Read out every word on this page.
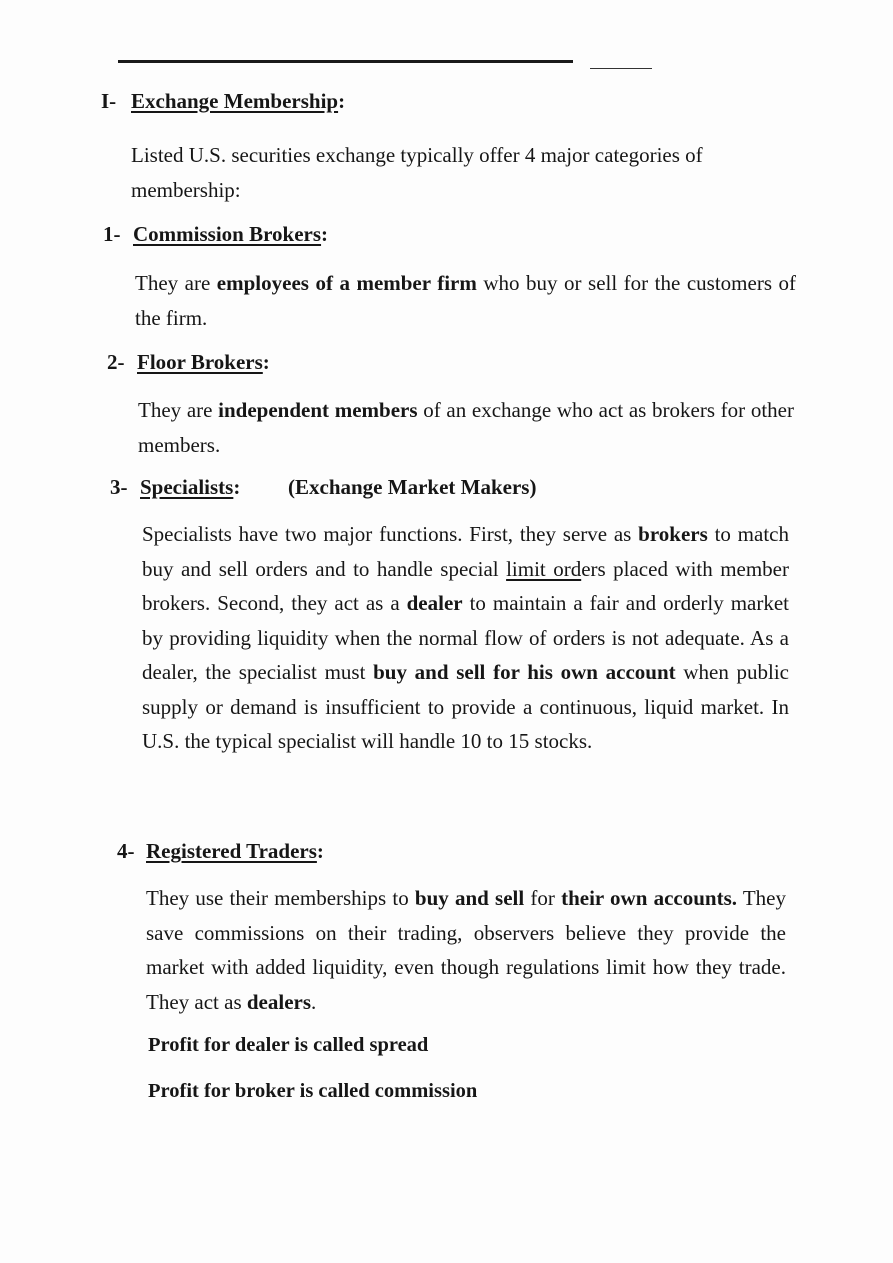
I- Exchange Membership:
Listed U.S. securities exchange typically offer 4 major categories of membership:
1- Commission Brokers:
They are employees of a member firm who buy or sell for the customers of the firm.
2- Floor Brokers:
They are independent members of an exchange who act as brokers for other members.
3- Specialists: (Exchange Market Makers)
Specialists have two major functions. First, they serve as brokers to match buy and sell orders and to handle special limit orders placed with member brokers. Second, they act as a dealer to maintain a fair and orderly market by providing liquidity when the normal flow of orders is not adequate. As a dealer, the specialist must buy and sell for his own account when public supply or demand is insufficient to provide a continuous, liquid market. In U.S. the typical specialist will handle 10 to 15 stocks.
4- Registered Traders:
They use their memberships to buy and sell for their own accounts. They save commissions on their trading, observers believe they provide the market with added liquidity, even though regulations limit how they trade. They act as dealers.
Profit for dealer is called spread
Profit for broker is called commission
